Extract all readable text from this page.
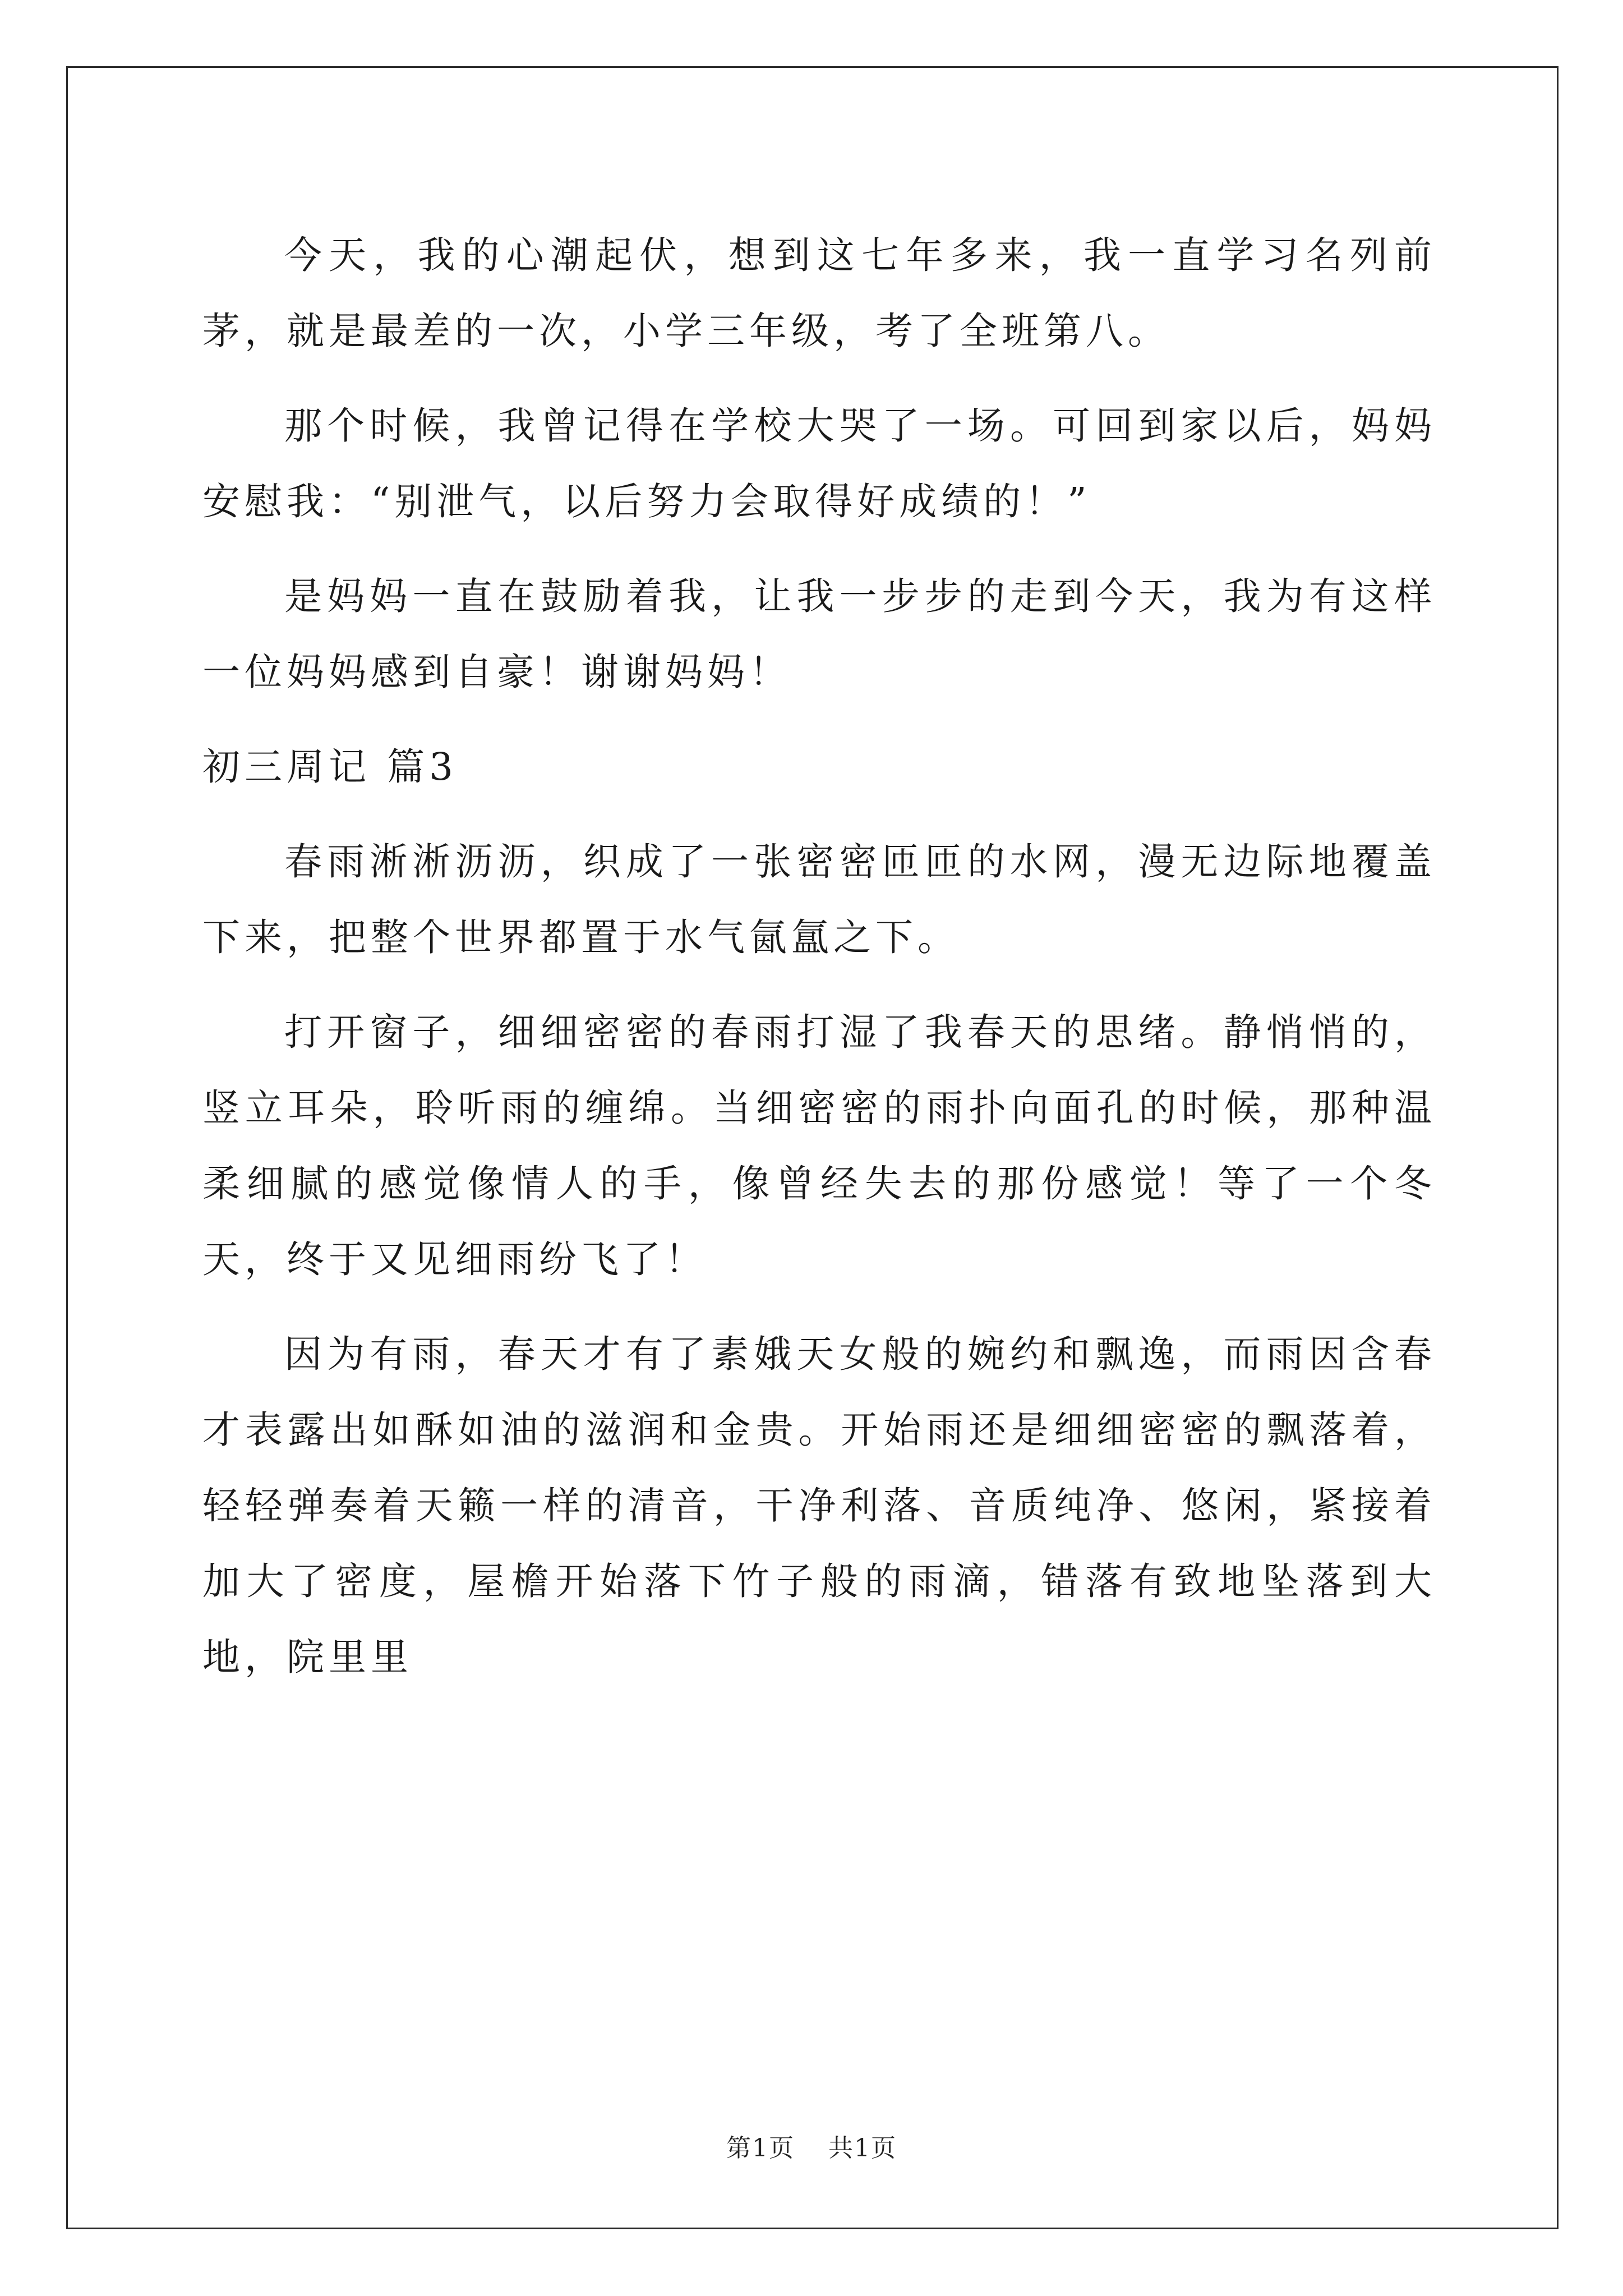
今天，我的心潮起伏，想到这七年多来，我一直学习名列前茅，就是最差的一次，小学三年级，考了全班第八。

那个时候，我曾记得在学校大哭了一场。可回到家以后，妈妈安慰我：“别泄气，以后努力会取得好成绩的！”

是妈妈一直在鼓励着我，让我一步步的走到今天，我为有这样一位妈妈感到自豪！谢谢妈妈！

初三周记 篇3

春雨淅淅沥沥，织成了一张密密匝匝的水网，漫无边际地覆盖下来，把整个世界都置于水气氤氲之下。

打开窗子，细细密密的春雨打湿了我春天的思绪。静悄悄的，竖立耳朵，聆听雨的缠绵。当细密密的雨扑向面孔的时候，那种温柔细腻的感觉像情人的手，像曾经失去的那份感觉！等了一个冬天，终于又见细雨纷飞了！

因为有雨，春天才有了素娥天女般的婉约和飘逸，而雨因含春才表露出如酥如油的滋润和金贵。开始雨还是细细密密的飘落着，轻轻弹奏着天籁一样的清音，干净利落、音质纯净、悠闲，紧接着加大了密度，屋檐开始落下竹子般的雨滴，错落有致地坠落到大地，院里里

第1页 共1页
